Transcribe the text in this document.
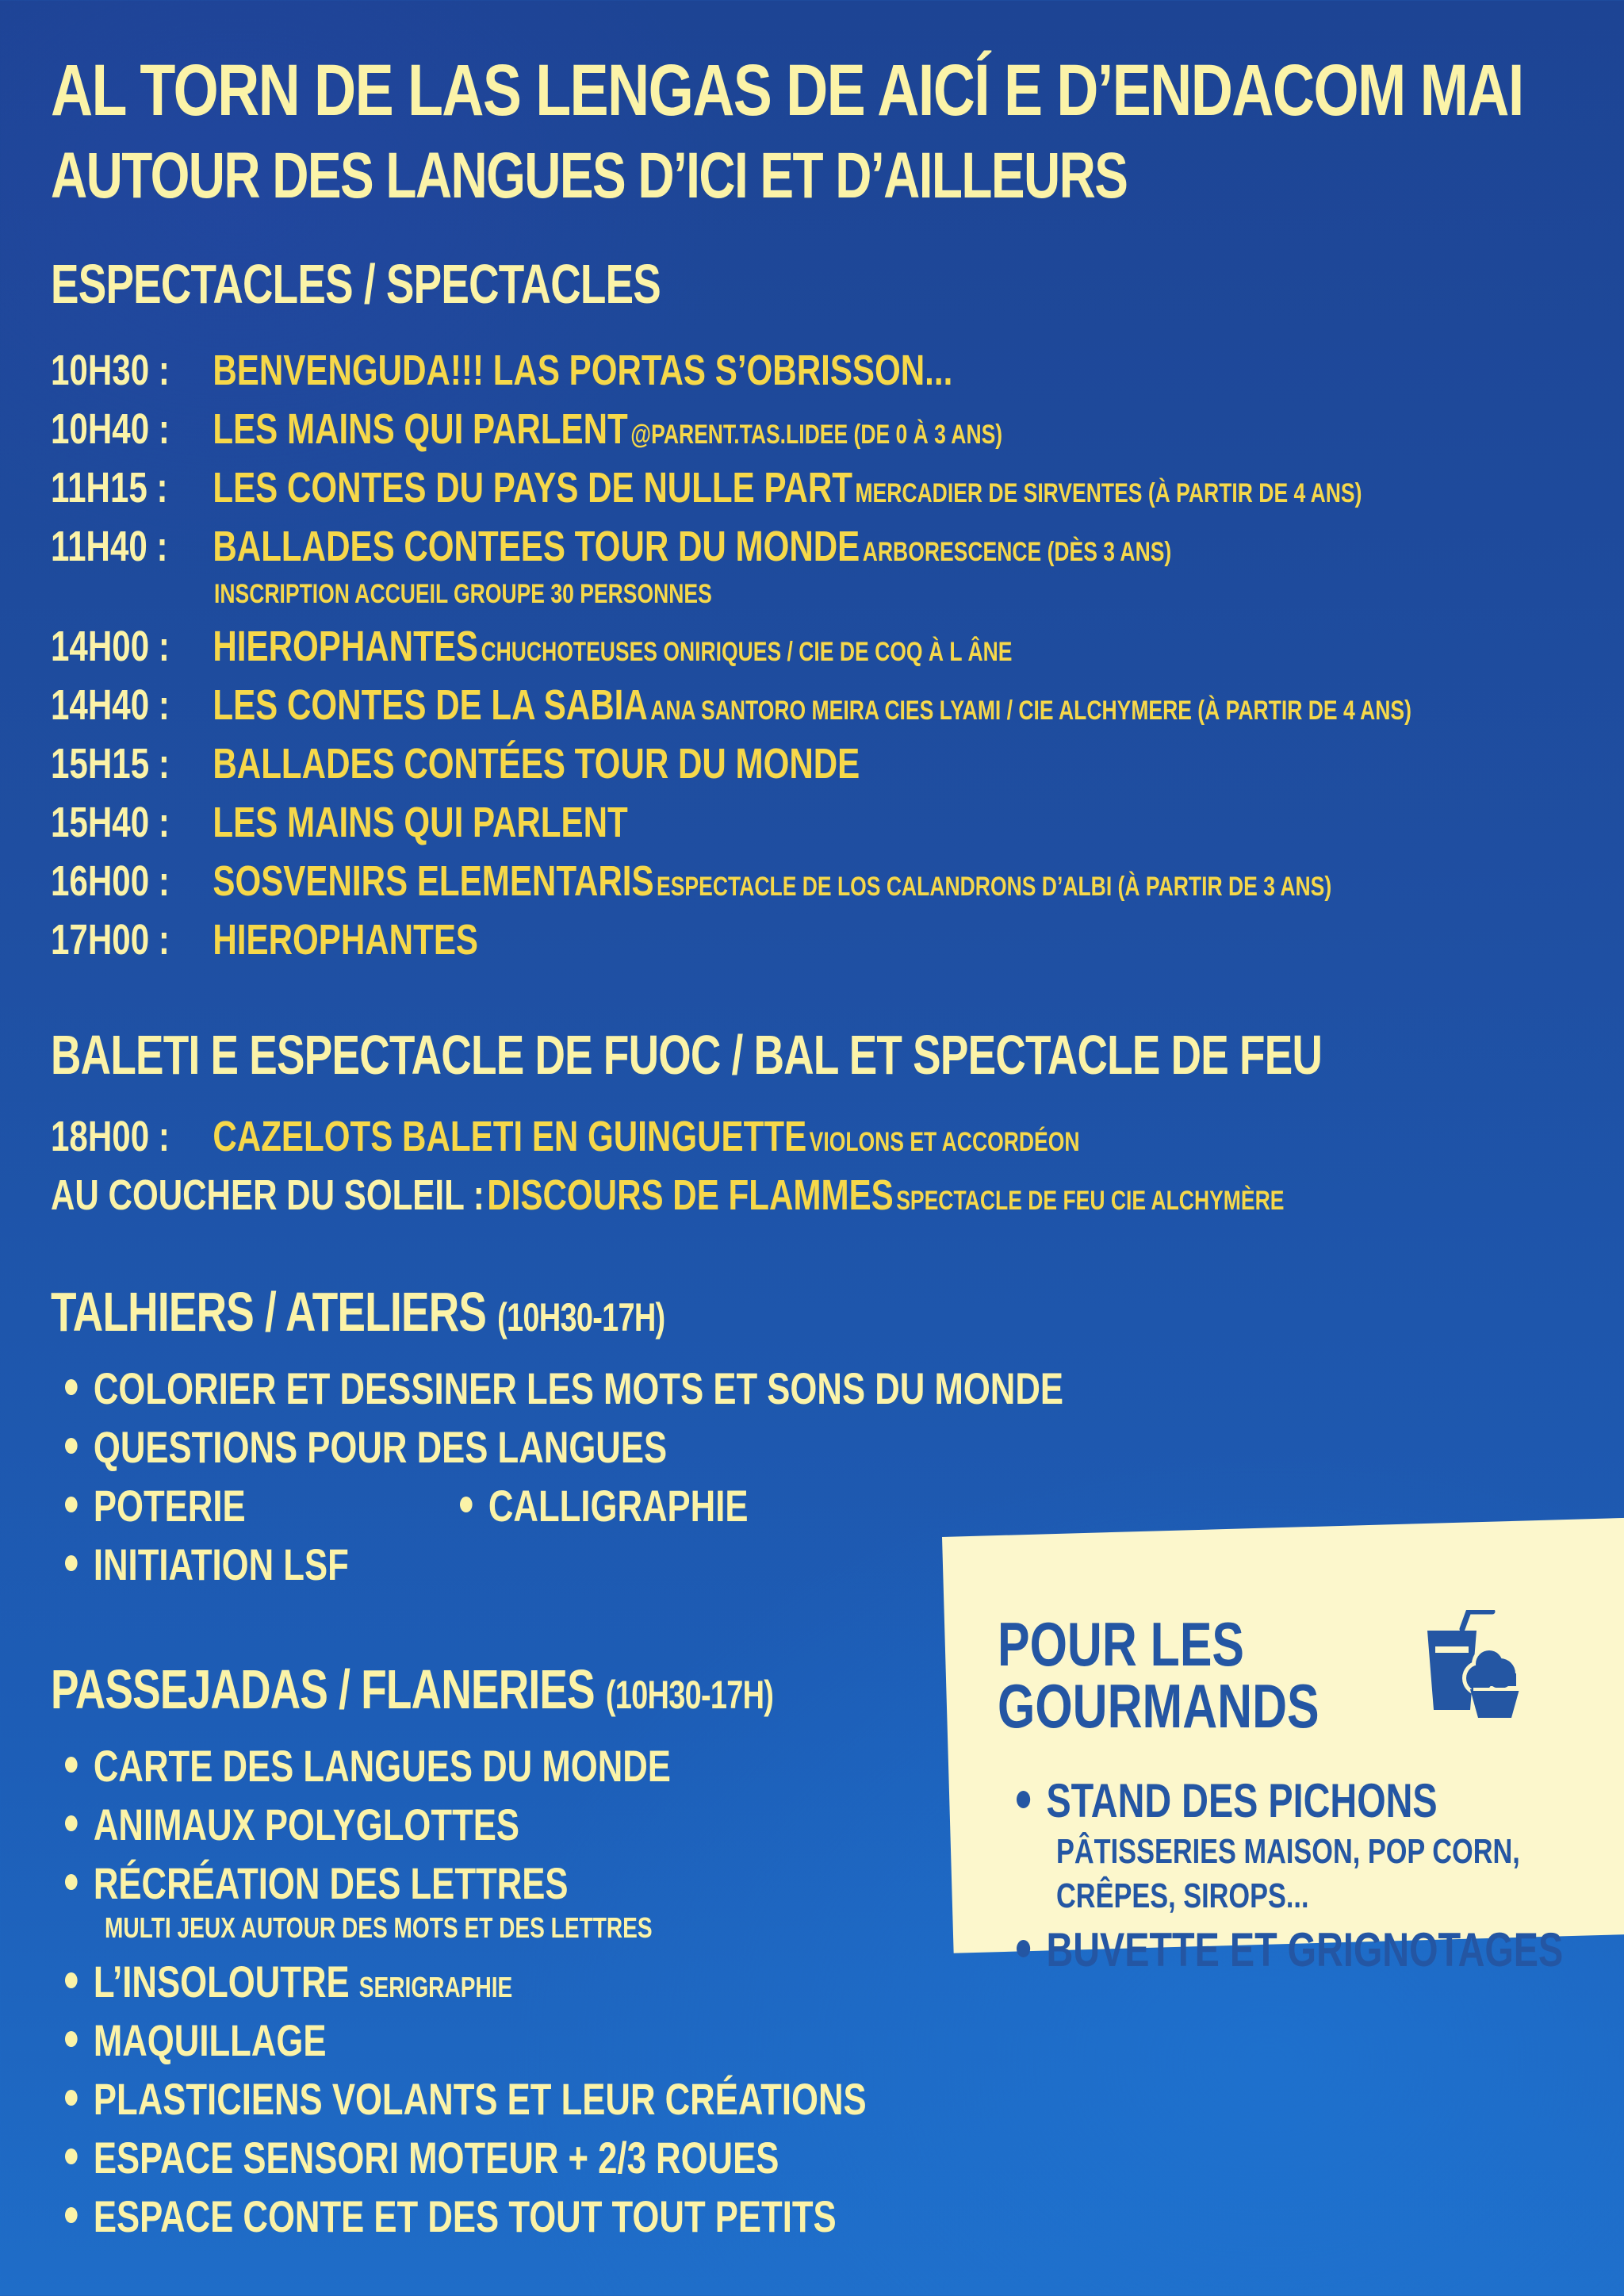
AL TORN DE LAS LENGAS DE AICÍ E D’ENDACOM MAI
AUTOUR DES LANGUES D’ICI ET D’AILLEURS
ESPECTACLES / SPECTACLES
10H30 : BENVENGUDA!!! LAS PORTAS S’OBRISSON...
10H40 : LES MAINS QUI PARLENT @PARENT.TAS.LIDEE (DE 0 À 3 ANS)
11H15 : LES CONTES DU PAYS DE NULLE PART MERCADIER DE SIRVENTES (À PARTIR DE 4 ANS)
11H40 : BALLADES CONTEES TOUR DU MONDE ARBORESCENCE (DÈS 3 ANS)
INSCRIPTION ACCUEIL GROUPE 30 PERSONNES
14H00 : HIEROPHANTES CHUCHOTEUSES ONIRIQUES / CIE DE COQ À L ÂNE
14H40 : LES CONTES DE LA SABIA ANA SANTORO MEIRA CIES LYAMI / CIE ALCHYMERE (À PARTIR DE 4 ANS)
15H15 : BALLADES CONTÉES TOUR DU MONDE
15H40 : LES MAINS QUI PARLENT
16H00 : SOSVENIRS ELEMENTARIS ESPECTACLE DE LOS CALANDRONS D’ALBI (À PARTIR DE 3 ANS)
17H00 : HIEROPHANTES
BALETI E ESPECTACLE DE FUOC / BAL ET SPECTACLE DE FEU
18H00 : CAZELOTS BALETI EN GUINGUETTE VIOLONS ET ACCORDÉON
AU COUCHER DU SOLEIL : DISCOURS DE FLAMMES SPECTACLE DE FEU CIE ALCHYMÈRE
TALHIERS / ATELIERS (10H30-17H)
COLORIER ET DESSINER LES MOTS ET SONS DU MONDE
QUESTIONS POUR DES LANGUES
POTERIE	CALLIGRAPHIE
INITIATION LSF
PASSEJADAS / FLANERIES (10H30-17H)
CARTE DES LANGUES DU MONDE
ANIMAUX POLYGLOTTES
RÉCRÉATION DES LETTRES
MULTI JEUX AUTOUR DES MOTS ET DES LETTRES
L’INSOLOUTRE SERIGRAPHIE
MAQUILLAGE
PLASTICIENS VOLANTS ET LEUR CRÉATIONS
ESPACE SENSORI MOTEUR + 2/3 ROUES
ESPACE CONTE ET DES TOUT TOUT PETITS
POUR LES
GOURMANDS
STAND DES PICHONS
PÂTISSERIES MAISON, POP CORN,
CRÊPES, SIROPS...
BUVETTE ET GRIGNOTAGES
